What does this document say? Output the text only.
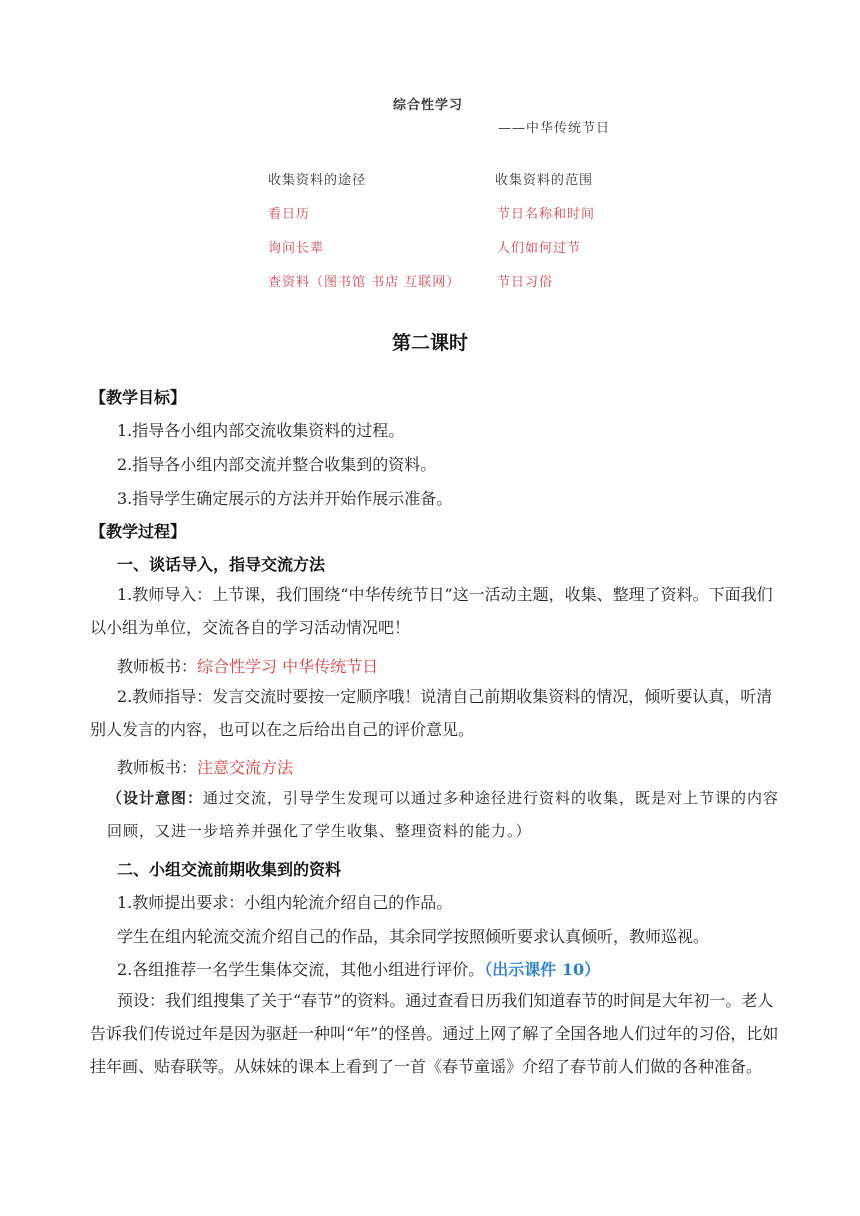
综合性学习
——中华传统节日
收集资料的途径	收集资料的范围
看日历
询问长辈
查资料（图书馆 书店 互联网）
节日名称和时间
人们如何过节
节日习俗
第二课时
【教学目标】
1.指导各小组内部交流收集资料的过程。
2.指导各小组内部交流并整合收集到的资料。
3.指导学生确定展示的方法并开始作展示准备。
【教学过程】
一、谈话导入，指导交流方法
1.教师导入：上节课，我们围绕“中华传统节日”这一活动主题，收集、整理了资料。下面我们以小组为单位，交流各自的学习活动情况吧！
教师板书：综合性学习 中华传统节日
2.教师指导：发言交流时要按一定顺序哦！说清自己前期收集资料的情况，倾听要认真，听清别人发言的内容，也可以在之后给出自己的评价意见。
教师板书：注意交流方法
（设计意图：通过交流，引导学生发现可以通过多种途径进行资料的收集，既是对上节课的内容回顾，又进一步培养并强化了学生收集、整理资料的能力。）
二、小组交流前期收集到的资料
1.教师提出要求：小组内轮流介绍自己的作品。
学生在组内轮流交流介绍自己的作品，其余同学按照倾听要求认真倾听，教师巡视。
2.各组推荐一名学生集体交流，其他小组进行评价。（出示课件 10）
预设：我们组搜集了关于“春节”的资料。通过查看日历我们知道春节的时间是大年初一。老人告诉我们传说过年是因为驱赶一种叫“年”的怪兽。通过上网了解了全国各地人们过年的习俗，比如挂年画、贴春联等。从妹妹的课本上看到了一首《春节童谣》介绍了春节前人们做的各种准备。
